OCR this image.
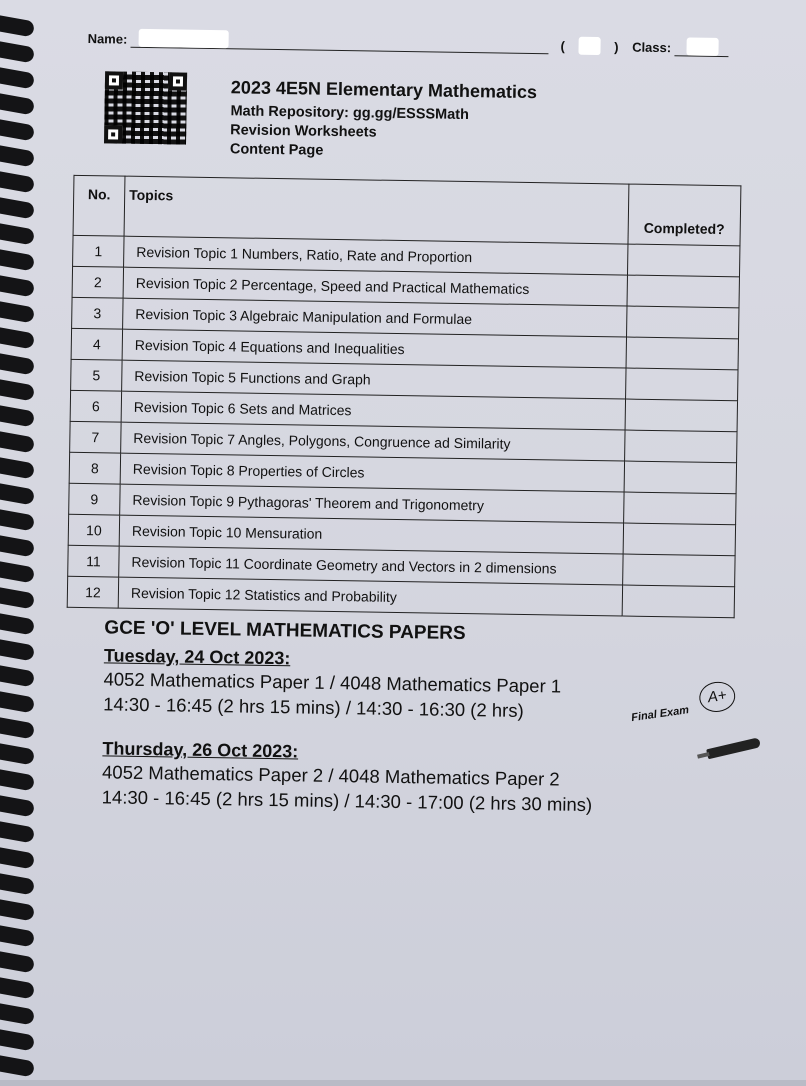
Name:	(	) Class:
2023 4E5N Elementary Mathematics
Math Repository: gg.gg/ESSSMath
Revision Worksheets
Content Page
No.	Topics	Completed?
1	Revision Topic 1 Numbers, Ratio, Rate and Proportion	
2	Revision Topic 2 Percentage, Speed and Practical Mathematics	
3	Revision Topic 3 Algebraic Manipulation and Formulae	
4	Revision Topic 4 Equations and Inequalities	
5	Revision Topic 5 Functions and Graph	
6	Revision Topic 6 Sets and Matrices	
7	Revision Topic 7 Angles, Polygons, Congruence ad Similarity	
8	Revision Topic 8 Properties of Circles	
9	Revision Topic 9 Pythagoras' Theorem and Trigonometry	
10	Revision Topic 10 Mensuration	
11	Revision Topic 11 Coordinate Geometry and Vectors in 2 dimensions	
12	Revision Topic 12 Statistics and Probability	
GCE 'O' LEVEL MATHEMATICS PAPERS
Tuesday, 24 Oct 2023:
4052 Mathematics Paper 1 / 4048 Mathematics Paper 1
14:30 - 16:45 (2 hrs 15 mins) / 14:30 - 16:30 (2 hrs)
Thursday, 26 Oct 2023:
4052 Mathematics Paper 2 / 4048 Mathematics Paper 2
14:30 - 16:45 (2 hrs 15 mins) / 14:30 - 17:00 (2 hrs 30 mins)
A+
Final Exam
